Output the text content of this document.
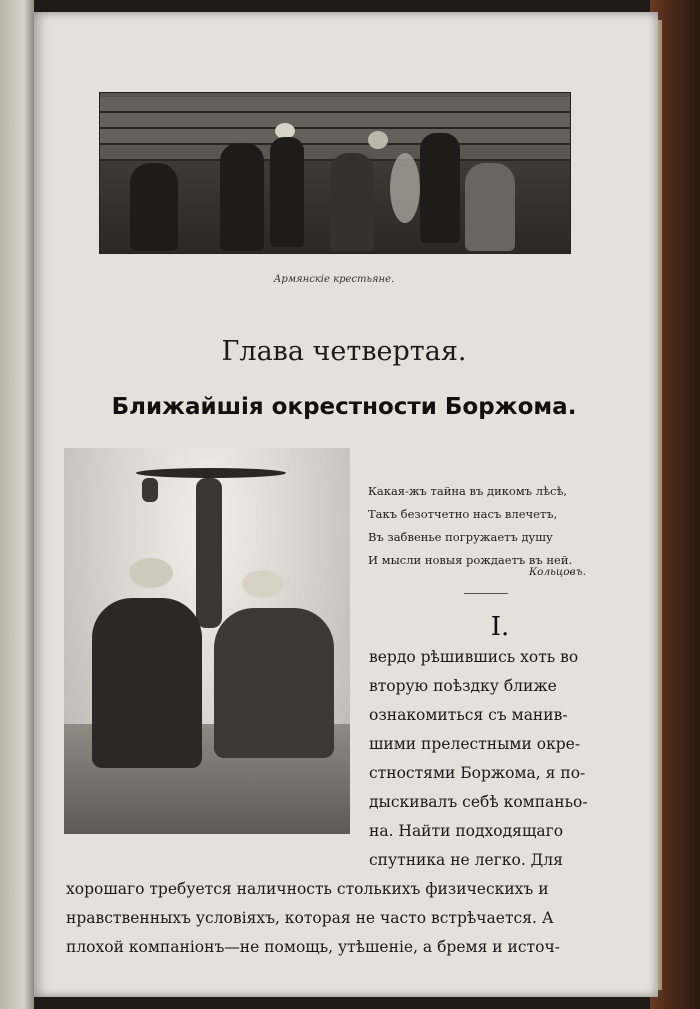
Армянскіе крестьяне.
Глава четвертая.
Ближайшія окрестности Боржома.
Какая-жъ тайна въ дикомъ лѣсѣ,
Такъ безотчетно насъ влечетъ,
Въ забвенье погружаетъ душу
И мысли новыя рождаетъ въ ней.
Кольцовъ.
I.
вердо рѣшившись хоть во
вторую поѣздку ближе
ознакомиться съ манив-
шими прелестными окре-
стностями Боржома, я по-
дыскивалъ себѣ компаньо-
на. Найти подходящаго
спутника не легко. Для
хорошаго требуется наличность столькихъ физическихъ и
нравственныхъ условіяхъ, которая не часто встрѣчается. А
плохой компаніонъ—не помощь, утѣшеніе, а бремя и источ-
